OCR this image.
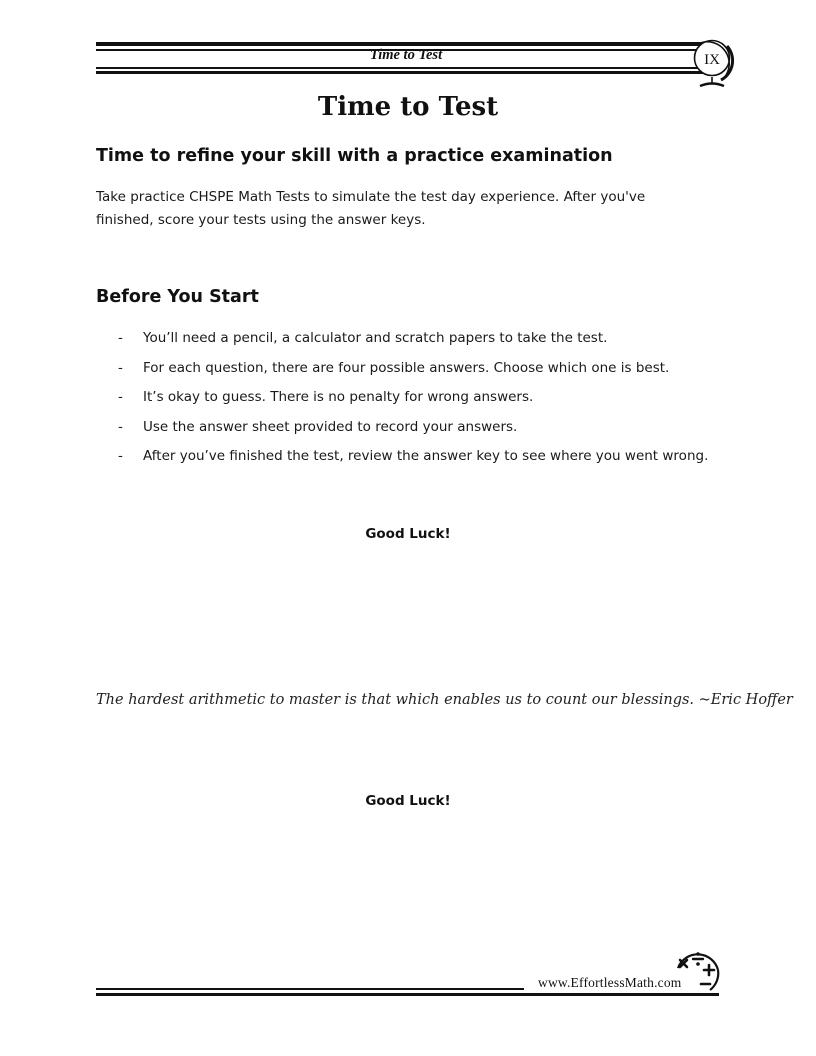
Time to Test	IX
Time to Test
Time to refine your skill with a practice examination
Take practice CHSPE Math Tests to simulate the test day experience. After you've finished, score your tests using the answer keys.
Before You Start
- You’ll need a pencil, a calculator and scratch papers to take the test.
- For each question, there are four possible answers. Choose which one is best.
- It’s okay to guess. There is no penalty for wrong answers.
- Use the answer sheet provided to record your answers.
- After you’ve finished the test, review the answer key to see where you went wrong.
Good Luck!
The hardest arithmetic to master is that which enables us to count our blessings. ~Eric Hoffer
Good Luck!
www.EffortlessMath.com
